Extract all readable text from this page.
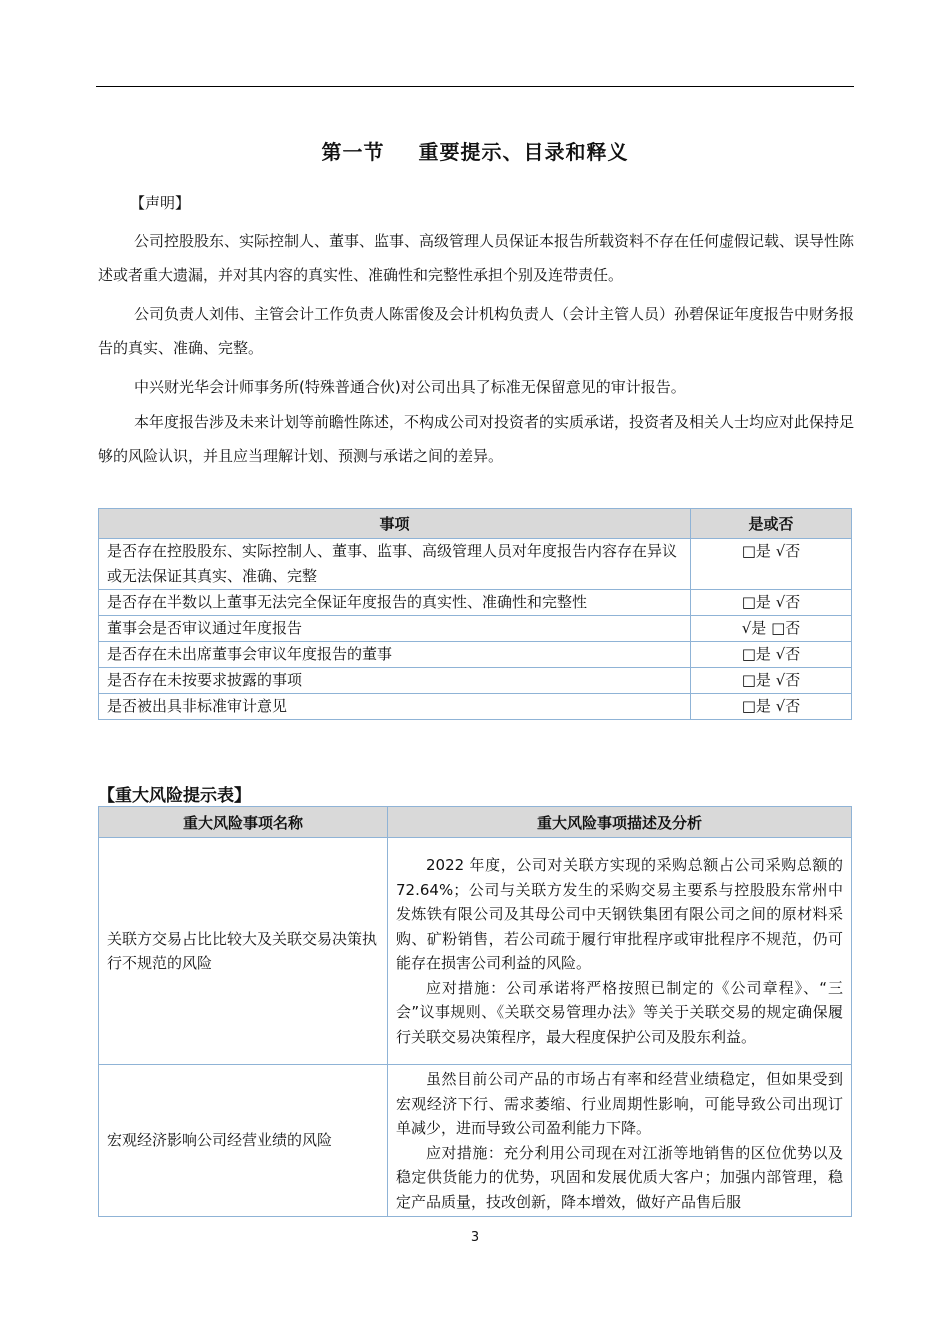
第一节 重要提示、目录和释义

【声明】

公司控股股东、实际控制人、董事、监事、高级管理人员保证本报告所载资料不存在任何虚假记载、误导性陈述或者重大遗漏，并对其内容的真实性、准确性和完整性承担个别及连带责任。

公司负责人刘伟、主管会计工作负责人陈雷俊及会计机构负责人（会计主管人员）孙碧保证年度报告中财务报告的真实、准确、完整。

中兴财光华会计师事务所(特殊普通合伙)对公司出具了标准无保留意见的审计报告。

本年度报告涉及未来计划等前瞻性陈述，不构成公司对投资者的实质承诺，投资者及相关人士均应对此保持足够的风险认识，并且应当理解计划、预测与承诺之间的差异。

事项	是或否
是否存在控股股东、实际控制人、董事、监事、高级管理人员对年度报告内容存在异议或无法保证其真实、准确、完整	□是 √否
是否存在半数以上董事无法完全保证年度报告的真实性、准确性和完整性	□是 √否
董事会是否审议通过年度报告	√是 □否
是否存在未出席董事会审议年度报告的董事	□是 √否
是否存在未按要求披露的事项	□是 √否
是否被出具非标准审计意见	□是 √否
【重大风险提示表】
重大风险事项名称	重大风险事项描述及分析
关联方交易占比比较大及关联交易决策执行不规范的风险	2022 年度，公司对关联方实现的采购总额占公司采购总额的 72.64%；公司与关联方发生的采购交易主要系与控股股东常州中发炼铁有限公司及其母公司中天钢铁集团有限公司之间的原材料采购、矿粉销售，若公司疏于履行审批程序或审批程序不规范，仍可能存在损害公司利益的风险。

应对措施：公司承诺将严格按照已制定的《公司章程》、“三会”议事规则、《关联交易管理办法》等关于关联交易的规定确保履行关联交易决策程序，最大程度保护公司及股东利益。

宏观经济影响公司经营业绩的风险	虽然目前公司产品的市场占有率和经营业绩稳定，但如果受到宏观经济下行、需求萎缩、行业周期性影响，可能导致公司出现订单减少，进而导致公司盈利能力下降。

应对措施：充分利用公司现在对江浙等地销售的区位优势以及稳定供货能力的优势，巩固和发展优质大客户；加强内部管理，稳定产品质量，技改创新，降本增效，做好产品售后服

3
